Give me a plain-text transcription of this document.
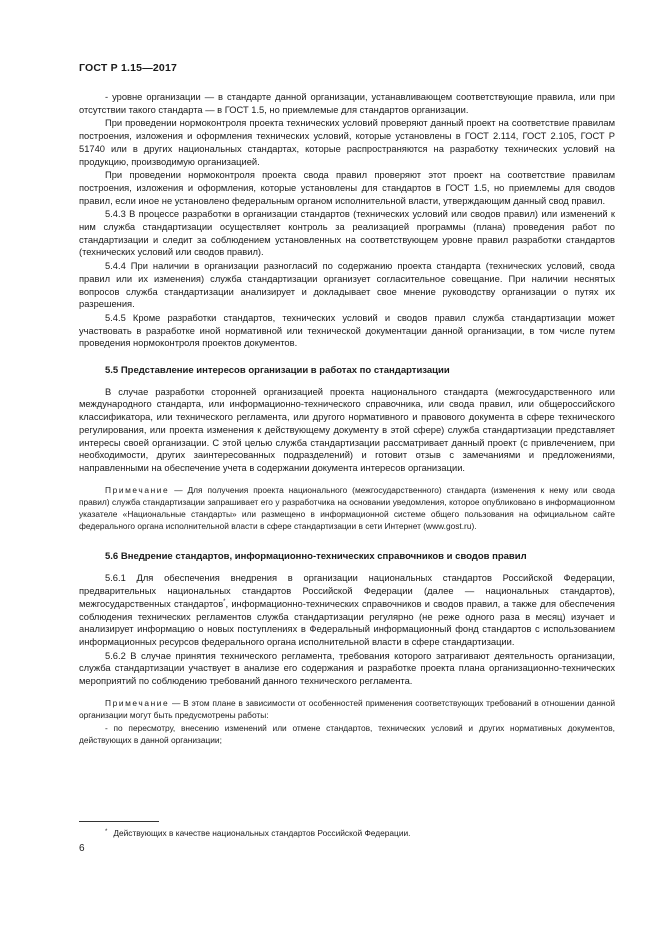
ГОСТ Р 1.15—2017

- уровне организации — в стандарте данной организации, устанавливающем соответствующие правила, или при отсутствии такого стандарта — в ГОСТ 1.5, но приемлемые для стандартов организации.

При проведении нормоконтроля проекта технических условий проверяют данный проект на соответствие правилам построения, изложения и оформления технических условий, которые установлены в ГОСТ 2.114, ГОСТ 2.105, ГОСТ Р 51740 или в других национальных стандартах, которые распространяются на разработку технических условий на продукцию, производимую организацией.

При проведении нормоконтроля проекта свода правил проверяют этот проект на соответствие правилам построения, изложения и оформления, которые установлены для стандартов в ГОСТ 1.5, но приемлемы для сводов правил, если иное не установлено федеральным органом исполнительной власти, утверждающим данный свод правил.

5.4.3 В процессе разработки в организации стандартов (технических условий или сводов правил) или изменений к ним служба стандартизации осуществляет контроль за реализацией программы (плана) проведения работ по стандартизации и следит за соблюдением установленных на соответствующем уровне правил разработки стандартов (технических условий или сводов правил).

5.4.4 При наличии в организации разногласий по содержанию проекта стандарта (технических условий, свода правил или их изменения) служба стандартизации организует согласительное совещание. При наличии неснятых вопросов служба стандартизации анализирует и докладывает свое мнение руководству организации о путях их разрешения.

5.4.5 Кроме разработки стандартов, технических условий и сводов правил служба стандартизации может участвовать в разработке иной нормативной или технической документации данной организации, в том числе путем проведения нормоконтроля проектов документов.

5.5 Представление интересов организации в работах по стандартизации

В случае разработки сторонней организацией проекта национального стандарта (межгосударственного или международного стандарта, или информационно-технического справочника, или свода правил, или общероссийского классификатора, или технического регламента, или другого нормативного и правового документа в сфере технического регулирования, или проекта изменения к действующему документу в этой сфере) служба стандартизации представляет интересы своей организации. С этой целью служба стандартизации рассматривает данный проект (с привлечением, при необходимости, других заинтересованных подразделений) и готовит отзыв с замечаниями и предложениями, направленными на обеспечение учета в содержании документа интересов организации.

Примечание — Для получения проекта национального (межгосударственного) стандарта (изменения к нему или свода правил) служба стандартизации запрашивает его у разработчика на основании уведомления, которое опубликовано в информационном указателе «Национальные стандарты» или размещено в информационной системе общего пользования на официальном сайте федерального органа исполнительной власти в сфере стандартизации в сети Интернет (www.gost.ru).

5.6 Внедрение стандартов, информационно-технических справочников и сводов правил

5.6.1 Для обеспечения внедрения в организации национальных стандартов Российской Федерации, предварительных национальных стандартов Российской Федерации (далее — национальных стандартов), межгосударственных стандартов*, информационно-технических справочников и сводов правил, а также для обеспечения соблюдения технических регламентов служба стандартизации регулярно (не реже одного раза в месяц) изучает и анализирует информацию о новых поступлениях в Федеральный информационный фонд стандартов с использованием информационных ресурсов федерального органа исполнительной власти в сфере стандартизации.

5.6.2 В случае принятия технического регламента, требования которого затрагивают деятельность организации, служба стандартизации участвует в анализе его содержания и разработке проекта плана организационно-технических мероприятий по соблюдению требований данного технического регламента.

Примечание — В этом плане в зависимости от особенностей применения соответствующих требований в отношении данной организации могут быть предусмотрены работы:

- по пересмотру, внесению изменений или отмене стандартов, технических условий и других нормативных документов, действующих в данной организации;

* Действующих в качестве национальных стандартов Российской Федерации.
6
